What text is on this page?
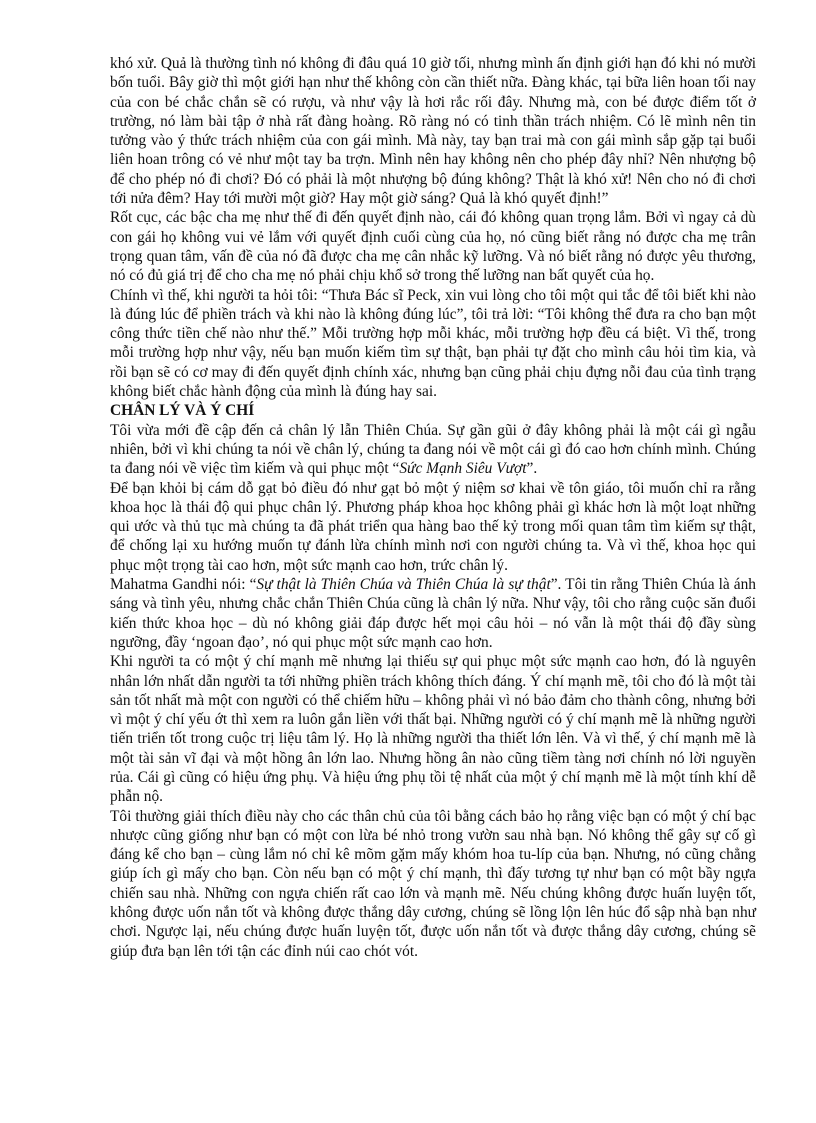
khó xử. Quả là thường tình nó không đi đâu quá 10 giờ tối, nhưng mình ấn định giới hạn đó khi nó mười bốn tuổi. Bây giờ thì một giới hạn như thế không còn cần thiết nữa. Đàng khác, tại bữa liên hoan tối nay của con bé chắc chắn sẽ có rượu, và như vậy là hơi rắc rối đây. Nhưng mà, con bé được điểm tốt ở trường, nó làm bài tập ở nhà rất đàng hoàng. Rõ ràng nó có tinh thần trách nhiệm. Có lẽ mình nên tin tưởng vào ý thức trách nhiệm của con gái mình. Mà này, tay bạn trai mà con gái mình sắp gặp tại buổi liên hoan trông có vẻ như một tay ba trợn. Mình nên hay không nên cho phép đây nhỉ? Nên nhượng bộ để cho phép nó đi chơi? Đó có phải là một nhượng bộ đúng không? Thật là khó xử! Nên cho nó đi chơi tới nửa đêm? Hay tới mười một giờ? Hay một giờ sáng? Quả là khó quyết định!”

Rốt cục, các bậc cha mẹ như thế đi đến quyết định nào, cái đó không quan trọng lắm. Bởi vì ngay cả dù con gái họ không vui vẻ lắm với quyết định cuối cùng của họ, nó cũng biết rằng nó được cha mẹ trân trọng quan tâm, vấn đề của nó đã được cha mẹ cân nhắc kỹ lưỡng. Và nó biết rằng nó được yêu thương, nó có đủ giá trị để cho cha mẹ nó phải chịu khổ sở trong thế lưỡng nan bất quyết của họ.

Chính vì thế, khi người ta hỏi tôi: “Thưa Bác sĩ Peck, xin vui lòng cho tôi một qui tắc để tôi biết khi nào là đúng lúc để phiền trách và khi nào là không đúng lúc”, tôi trả lời: “Tôi không thể đưa ra cho bạn một công thức tiền chế nào như thế.” Mỗi trường hợp mỗi khác, mỗi trường hợp đều cá biệt. Vì thế, trong mỗi trường hợp như vậy, nếu bạn muốn kiếm tìm sự thật, bạn phải tự đặt cho mình câu hỏi tìm kia, và rồi bạn sẽ có cơ may đi đến quyết định chính xác, nhưng bạn cũng phải chịu đựng nỗi đau của tình trạng không biết chắc hành động của mình là đúng hay sai.

CHÂN LÝ VÀ Ý CHÍ

Tôi vừa mới đề cập đến cả chân lý lẫn Thiên Chúa. Sự gần gũi ở đây không phải là một cái gì ngẫu nhiên, bởi vì khi chúng ta nói về chân lý, chúng ta đang nói về một cái gì đó cao hơn chính mình. Chúng ta đang nói về việc tìm kiếm và qui phục một “Sức Mạnh Siêu Vượt”.

Để bạn khỏi bị cám dỗ gạt bỏ điều đó như gạt bỏ một ý niệm sơ khai về tôn giáo, tôi muốn chỉ ra rằng khoa học là thái độ qui phục chân lý. Phương pháp khoa học không phải gì khác hơn là một loạt những qui ước và thủ tục mà chúng ta đã phát triển qua hàng bao thế kỷ trong mối quan tâm tìm kiếm sự thật, để chống lại xu hướng muốn tự đánh lừa chính mình nơi con người chúng ta. Và vì thế, khoa học qui phục một trọng tài cao hơn, một sức mạnh cao hơn, trức chân lý.

Mahatma Gandhi nói: “Sự thật là Thiên Chúa và Thiên Chúa là sự thật”. Tôi tin rằng Thiên Chúa là ánh sáng và tình yêu, nhưng chắc chắn Thiên Chúa cũng là chân lý nữa. Như vậy, tôi cho rằng cuộc săn đuổi kiến thức khoa học – dù nó không giải đáp được hết mọi câu hỏi – nó vẫn là một thái độ đầy sùng ngưỡng, đầy ‘ngoan đạo’, nó qui phục một sức mạnh cao hơn.

Khi người ta có một ý chí mạnh mẽ nhưng lại thiếu sự qui phục một sức mạnh cao hơn, đó là nguyên nhân lớn nhất dẫn người ta tới những phiền trách không thích đáng. Ý chí mạnh mẽ, tôi cho đó là một tài sản tốt nhất mà một con người có thể chiếm hữu – không phải vì nó bảo đảm cho thành công, nhưng bởi vì một ý chí yếu ớt thì xem ra luôn gắn liền với thất bại. Những người có ý chí mạnh mẽ là những người tiến triển tốt trong cuộc trị liệu tâm lý. Họ là những người tha thiết lớn lên. Và vì thế, ý chí mạnh mẽ là một tài sản vĩ đại và một hồng ân lớn lao. Nhưng hồng ân nào cũng tiềm tàng nơi chính nó lời nguyền rủa. Cái gì cũng có hiệu ứng phụ. Và hiệu ứng phụ tồi tệ nhất của một ý chí mạnh mẽ là một tính khí dễ phẫn nộ.

Tôi thường giải thích điều này cho các thân chủ của tôi bằng cách bảo họ rằng việc bạn có một ý chí bạc nhược cũng giống như bạn có một con lừa bé nhỏ trong vườn sau nhà bạn. Nó không thể gây sự cố gì đáng kể cho bạn – cùng lắm nó chỉ kê mõm gặm mấy khóm hoa tu-líp của bạn. Nhưng, nó cũng chẳng giúp ích gì mấy cho bạn. Còn nếu bạn có một ý chí mạnh, thì đấy tương tự như bạn có một bầy ngựa chiến sau nhà. Những con ngựa chiến rất cao lớn và mạnh mẽ. Nếu chúng không được huấn luyện tốt, không được uốn nắn tốt và không được thắng dây cương, chúng sẽ lồng lộn lên húc đổ sập nhà bạn như chơi. Ngược lại, nếu chúng được huấn luyện tốt, được uốn nắn tốt và được thắng dây cương, chúng sẽ giúp đưa bạn lên tới tận các đỉnh núi cao chót vót.
